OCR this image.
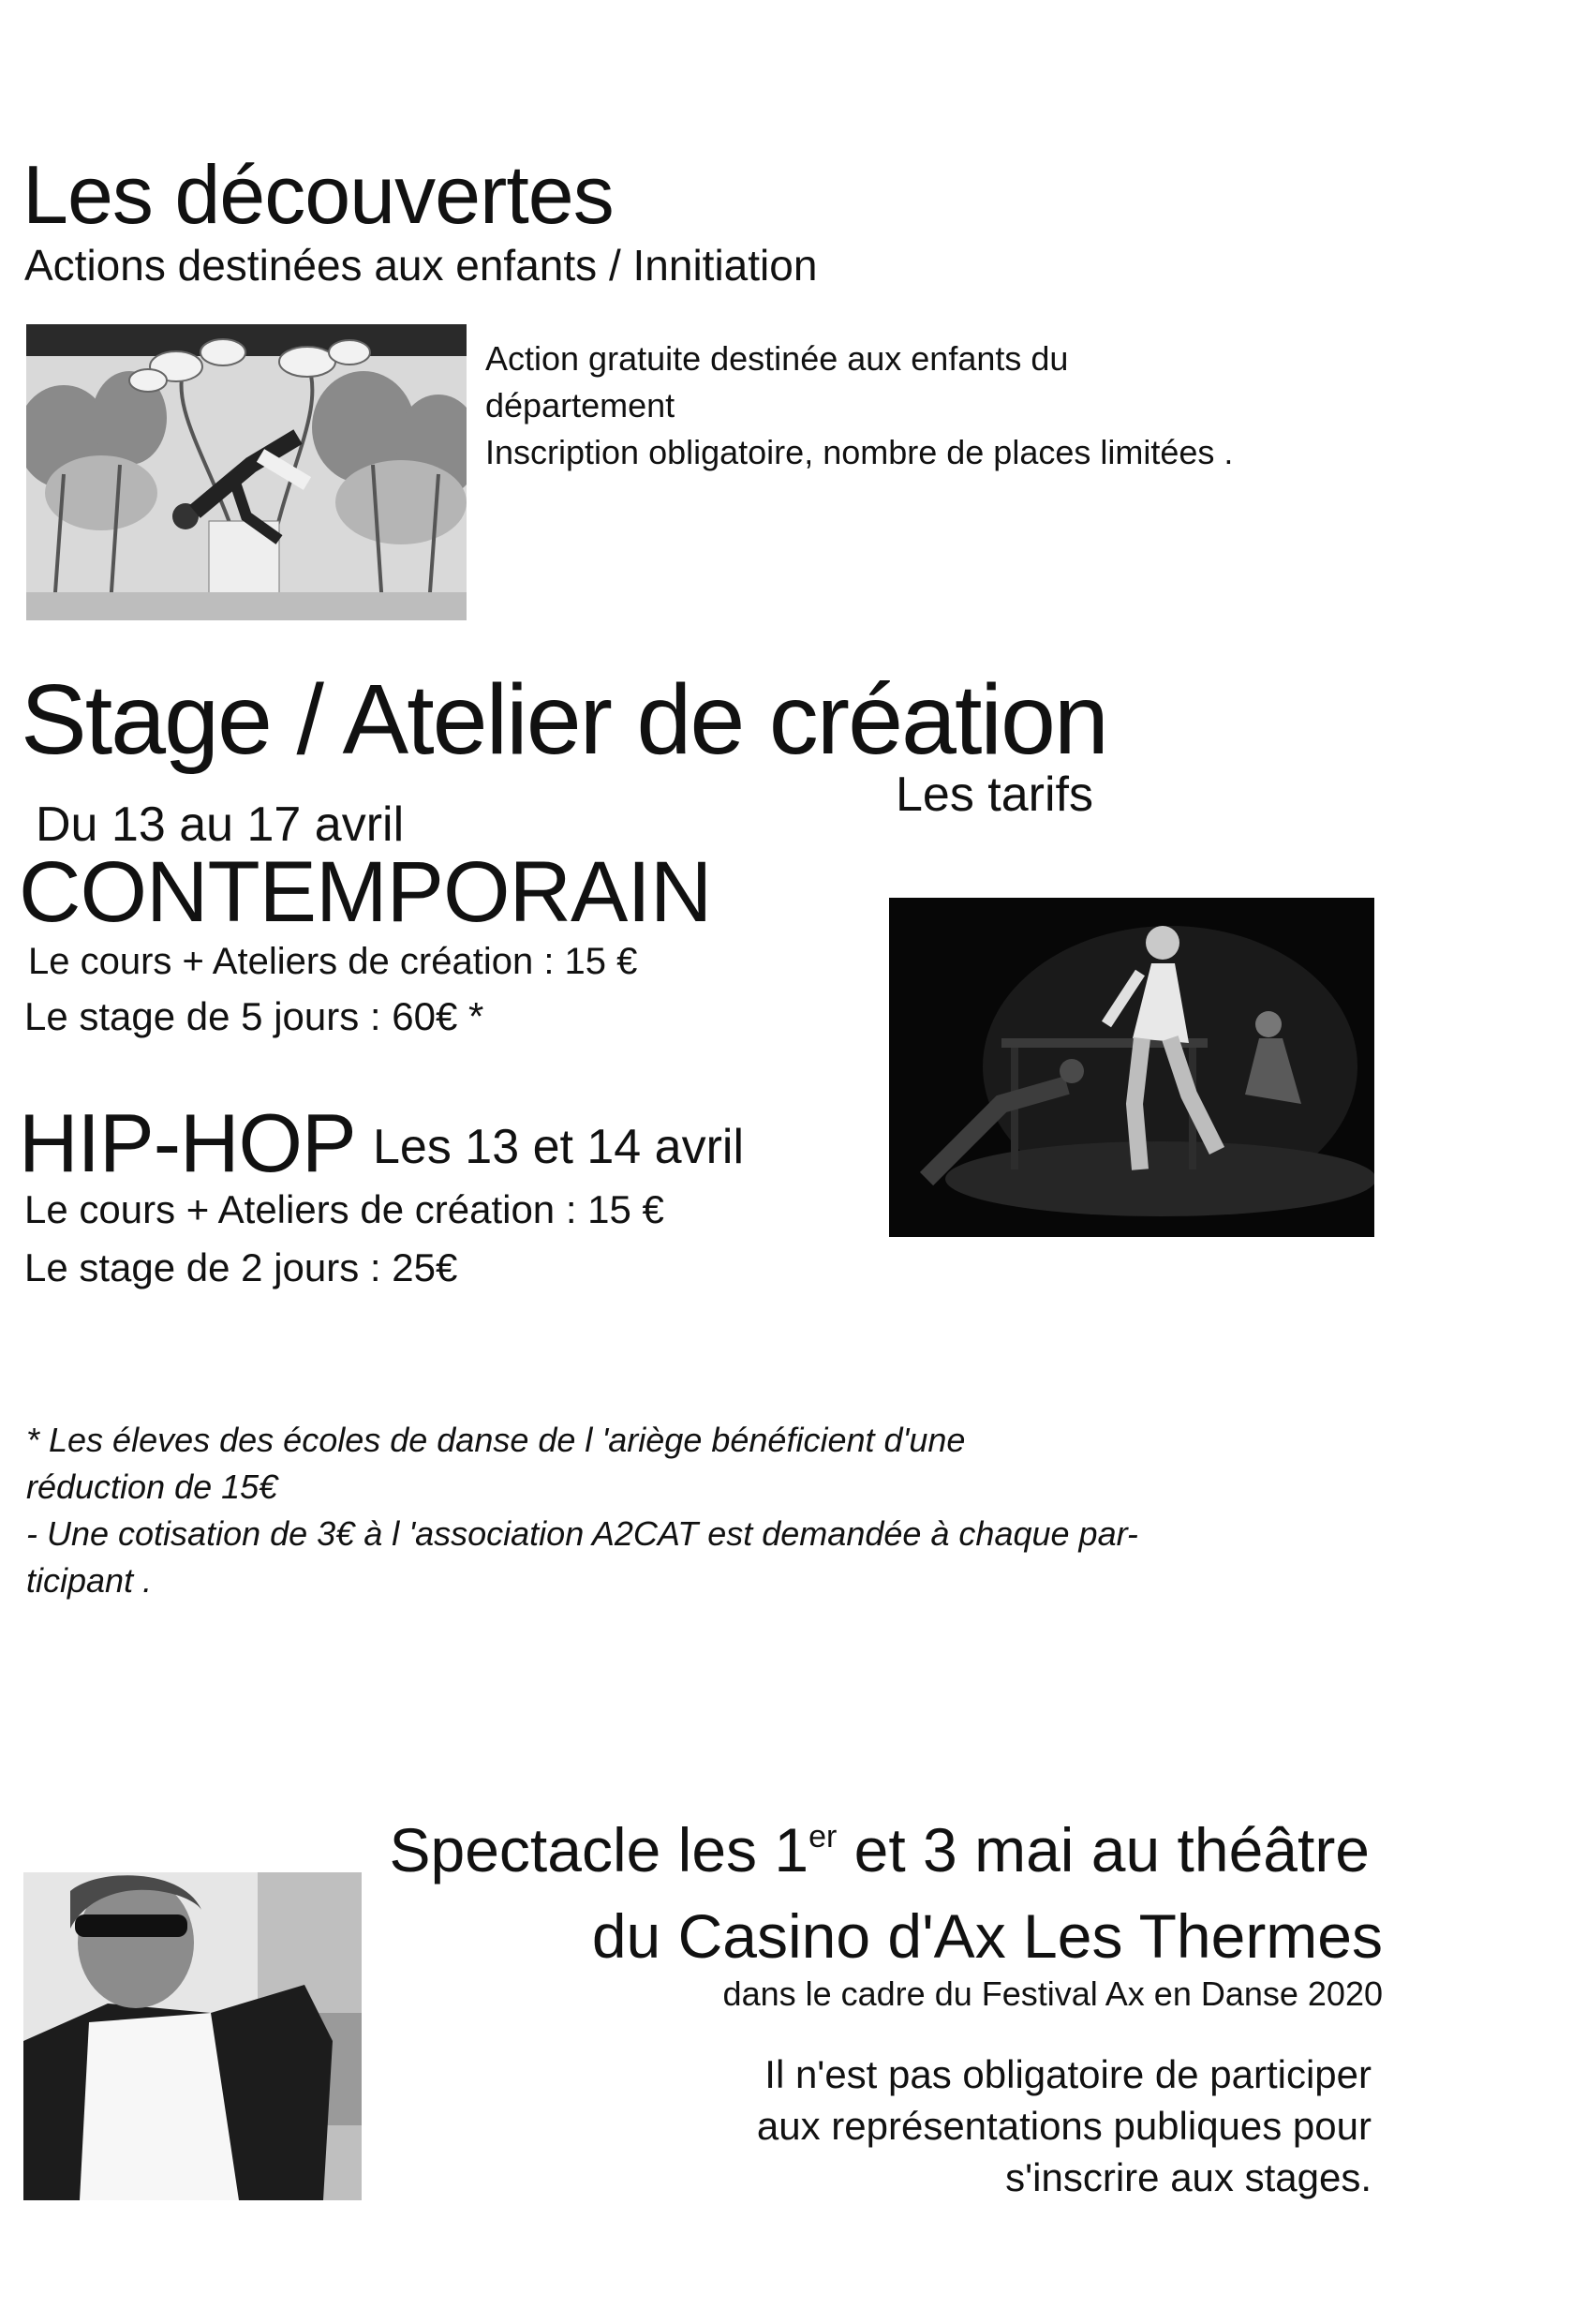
Les découvertes
Actions destinées aux enfants / Innitiation
Action gratuite destinée aux enfants du
département
Inscription obligatoire, nombre de places limitées .
Stage / Atelier de création
Les tarifs
Du 13 au 17 avril
CONTEMPORAIN
Le cours + Ateliers de création : 15 €
Le stage de 5 jours : 60€ *
HIP-HOP Les 13 et 14 avril
Le cours + Ateliers de création : 15 €
Le stage de 2 jours : 25€
* Les éleves des écoles de danse de l 'ariège bénéficient d'une
réduction de 15€
- Une cotisation de 3€ à l 'association A2CAT est demandée à chaque par-
ticipant .
Spectacle les 1er et 3 mai au théâtre
du Casino d'Ax Les Thermes
dans le cadre du Festival Ax en Danse 2020
Il n'est pas obligatoire de participer
aux représentations publiques pour
s'inscrire aux stages.
